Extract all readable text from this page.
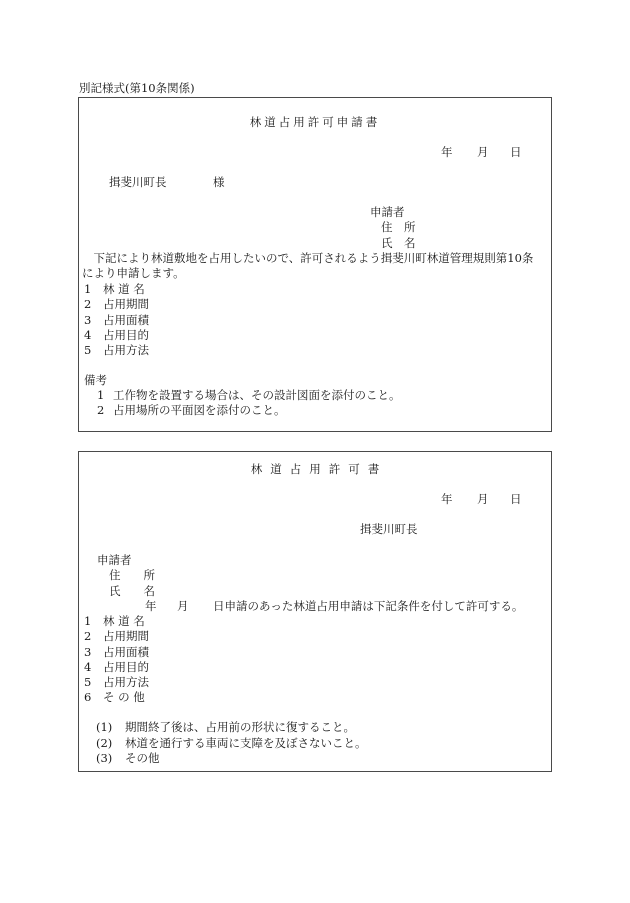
別記様式(第10条関係)
林道占用許可申請書
年 月 日
揖斐川町長	様
申請者
住　所
氏　名
　下記により林道敷地を占用したいので、許可されるよう揖斐川町林道管理規則第10条
により申請します。
1 林 道 名
2 占用期間
3 占用面積
4 占用目的
5 占用方法
備考
1 工作物を設置する場合は、その設計図面を添付のこと。
2 占用場所の平面図を添付のこと。
林道占用許可書
年 月 日
揖斐川町長
申請者
住　　所
氏　　名
年 月 日申請のあった林道占用申請は下記条件を付して許可する。
1 林 道 名
2 占用期間
3 占用面積
4 占用目的
5 占用方法
6 そ の 他
(1) 期間終了後は、占用前の形状に復すること。
(2) 林道を通行する車両に支障を及ぼさないこと。
(3) その他
